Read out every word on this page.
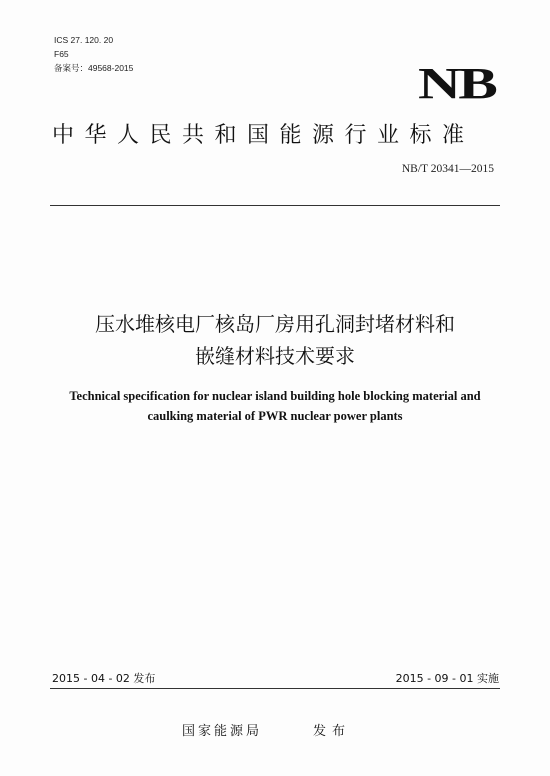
ICS 27. 120. 20
F65
备案号：49568-2015	NB
中华人民共和国能源行业标准
NB/T 20341—2015
压水堆核电厂核岛厂房用孔洞封堵材料和
嵌缝材料技术要求
Technical specification for nuclear island building hole blocking material and
caulking material of PWR nuclear power plants
2015 - 04 - 02 发布	2015 - 09 - 01 实施
国家能源局	发布
